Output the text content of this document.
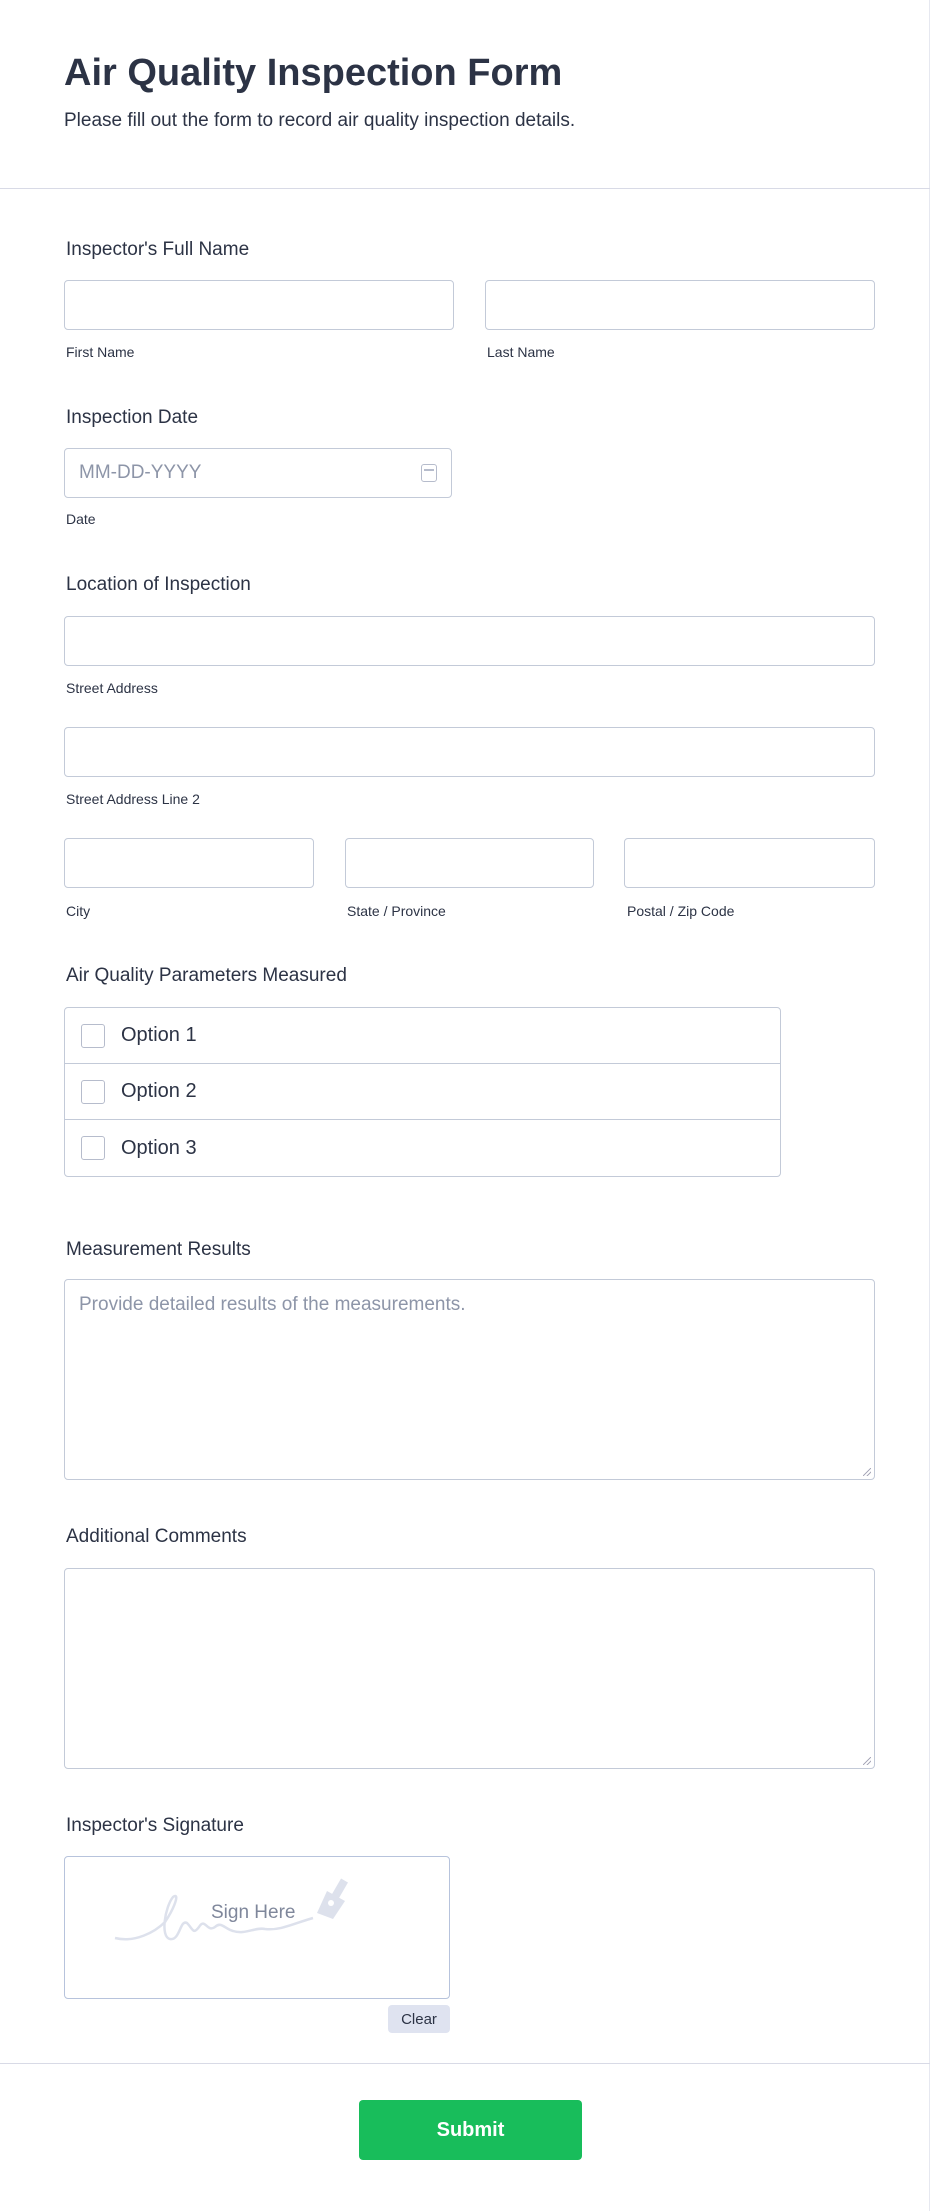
Air Quality Inspection Form
Please fill out the form to record air quality inspection details.
Inspector's Full Name
First Name	Last Name
Inspection Date
MM-DD-YYYY
Date
Location of Inspection
Street Address
Street Address Line 2
City	State / Province	Postal / Zip Code
Air Quality Parameters Measured
Option 1
Option 2
Option 3
Measurement Results
Provide detailed results of the measurements.
Additional Comments
Inspector's Signature
Sign Here
Clear
Submit
